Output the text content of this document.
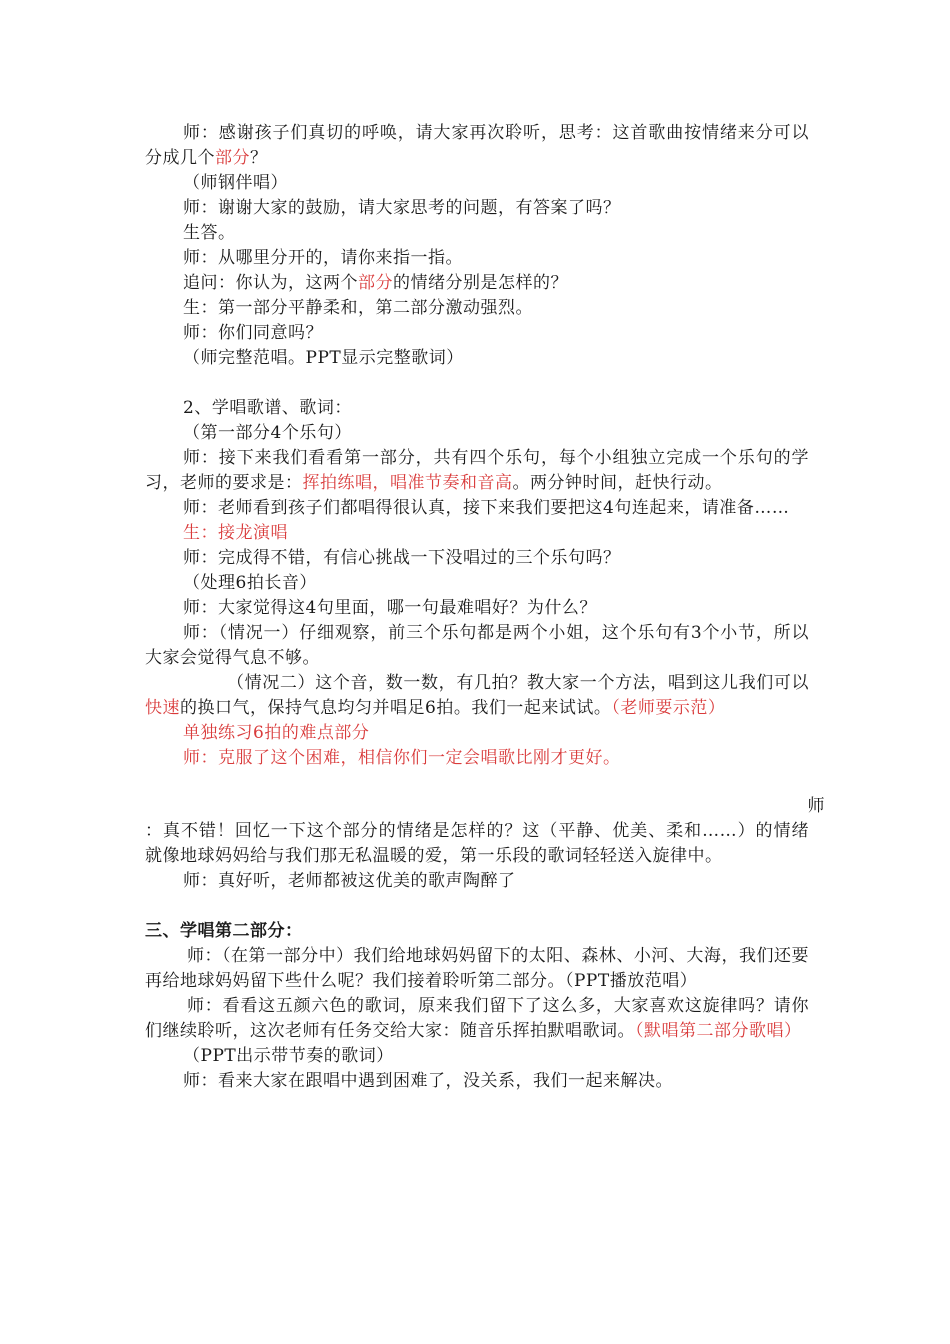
师：感谢孩子们真切的呼唤，请大家再次聆听，思考：这首歌曲按情绪来分可以分成几个部分？

（师钢伴唱）

师：谢谢大家的鼓励，请大家思考的问题，有答案了吗？

生答。

师：从哪里分开的，请你来指一指。

追问：你认为，这两个部分的情绪分别是怎样的？

生：第一部分平静柔和，第二部分激动强烈。

师：你们同意吗？

（师完整范唱。PPT显示完整歌词）

2、学唱歌谱、歌词：

（第一部分4个乐句）

师：接下来我们看看第一部分，共有四个乐句，每个小组独立完成一个乐句的学习，老师的要求是：挥拍练唱，唱准节奏和音高。两分钟时间，赶快行动。

师：老师看到孩子们都唱得很认真，接下来我们要把这4句连起来，请准备……

生：接龙演唱

师：完成得不错，有信心挑战一下没唱过的三个乐句吗？

（处理6拍长音）

师：大家觉得这4句里面，哪一句最难唱好？为什么？

师：（情况一）仔细观察，前三个乐句都是两个小姐，这个乐句有3个小节，所以大家会觉得气息不够。

（情况二）这个音，数一数，有几拍？教大家一个方法，唱到这儿我们可以快速的换口气，保持气息均匀并唱足6拍。我们一起来试试。（老师要示范）

单独练习6拍的难点部分

师：克服了这个困难，相信你们一定会唱歌比刚才更好。

师

：真不错！回忆一下这个部分的情绪是怎样的？这（平静、优美、柔和……）的情绪就像地球妈妈给与我们那无私温暖的爱，第一乐段的歌词轻轻送入旋律中。

师：真好听，老师都被这优美的歌声陶醉了

三、学唱第二部分：

师：（在第一部分中）我们给地球妈妈留下的太阳、森林、小河、大海，我们还要再给地球妈妈留下些什么呢？我们接着聆听第二部分。（PPT播放范唱）

师：看看这五颜六色的歌词，原来我们留下了这么多，大家喜欢这旋律吗？请你们继续聆听，这次老师有任务交给大家：随音乐挥拍默唱歌词。（默唱第二部分歌唱）

（PPT出示带节奏的歌词）

师：看来大家在跟唱中遇到困难了，没关系，我们一起来解决。
